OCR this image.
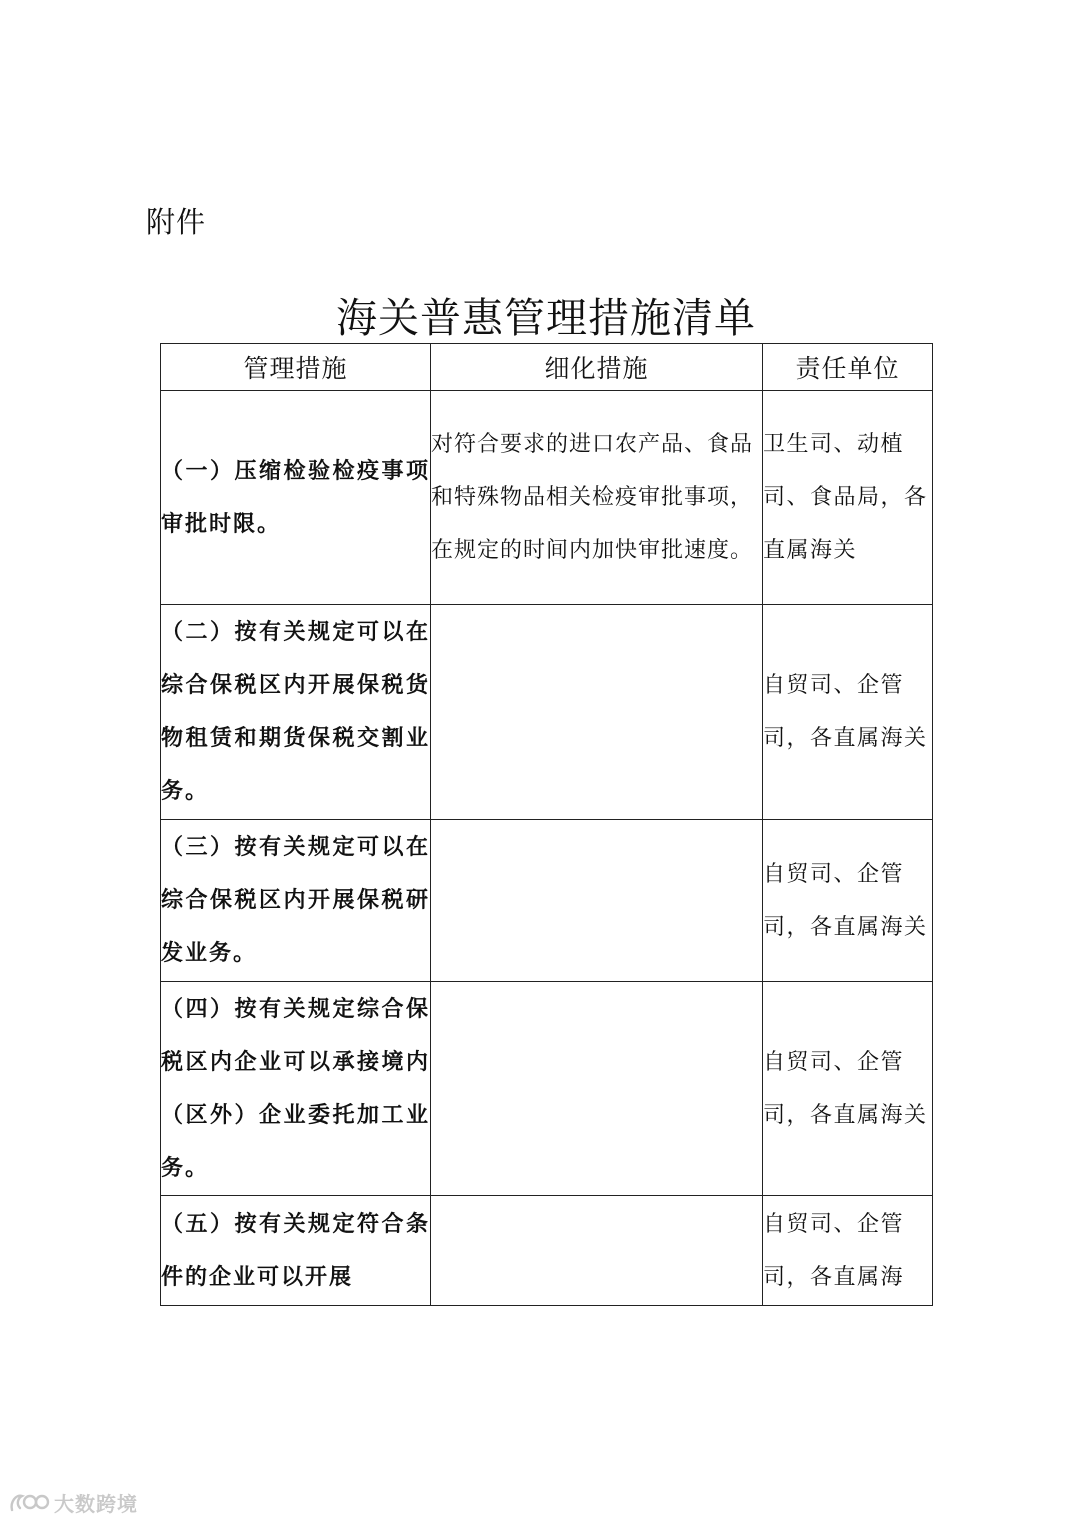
附件
海关普惠管理措施清单
管理措施	细化措施	责任单位
（一）压缩检验检疫事项审批时限。	对符合要求的进口农产品、食品和特殊物品相关检疫审批事项，在规定的时间内加快审批速度。	卫生司、动植司、食品局，各直属海关
（二）按有关规定可以在综合保税区内开展保税货物租赁和期货保税交割业务。		自贸司、企管司，各直属海关
（三）按有关规定可以在综合保税区内开展保税研发业务。		自贸司、企管司，各直属海关
（四）按有关规定综合保税区内企业可以承接境内（区外）企业委托加工业务。		自贸司、企管司，各直属海关
（五）按有关规定符合条件的企业可以开展		自贸司、企管司，各直属海
大数跨境
